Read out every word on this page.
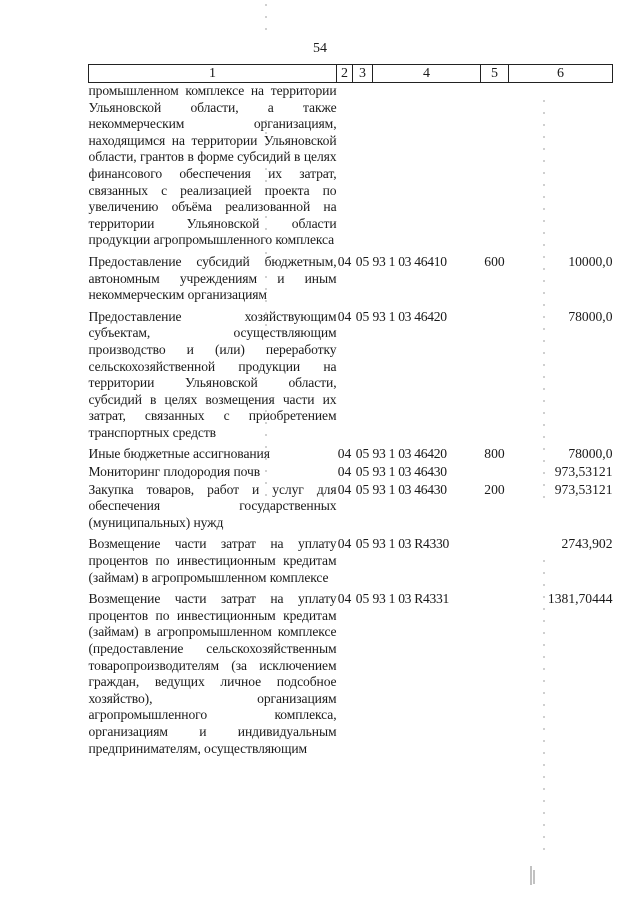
54
1	2	3	4	5	6
промышленном комплексе на территории Ульяновской области, а также некоммерческим организациям, находящимся на территории Ульяновской области, грантов в форме субсидий в целях финансового обеспечения их затрат, связанных с реализацией проекта по увеличению объёма реализованной на территории Ульяновской области продукции агропромышленного комплекса					
Предоставление субсидий бюджетным, автономным учреждениям и иным некоммерческим организациям	04	05	93 1 03 46410	600	10000,0
Предоставление хозяйствующим субъектам, осуществляющим производство и (или) переработку сельскохозяйственной продукции на территории Ульяновской области, субсидий в целях возмещения части их затрат, связанных с приобретением транспортных средств	04	05	93 1 03 46420		78000,0
Иные бюджетные ассигнования	04	05	93 1 03 46420	800	78000,0
Мониторинг плодородия почв	04	05	93 1 03 46430		973,53121
Закупка товаров, работ и услуг для обеспечения государственных (муниципальных) нужд	04	05	93 1 03 46430	200	973,53121
Возмещение части затрат на уплату процентов по инвестиционным кредитам (займам) в агропромышленном комплексе	04	05	93 1 03 R4330		2743,902
Возмещение части затрат на уплату процентов по инвестиционным кредитам (займам) в агропромышленном комплексе (предоставление сельскохозяйственным товаропроизводителям (за исключением граждан, ведущих личное подсобное хозяйство), организациям агропромышленного комплекса, организациям и индивидуальным предпринимателям, осуществляющим	04	05	93 1 03 R4331		1381,70444
